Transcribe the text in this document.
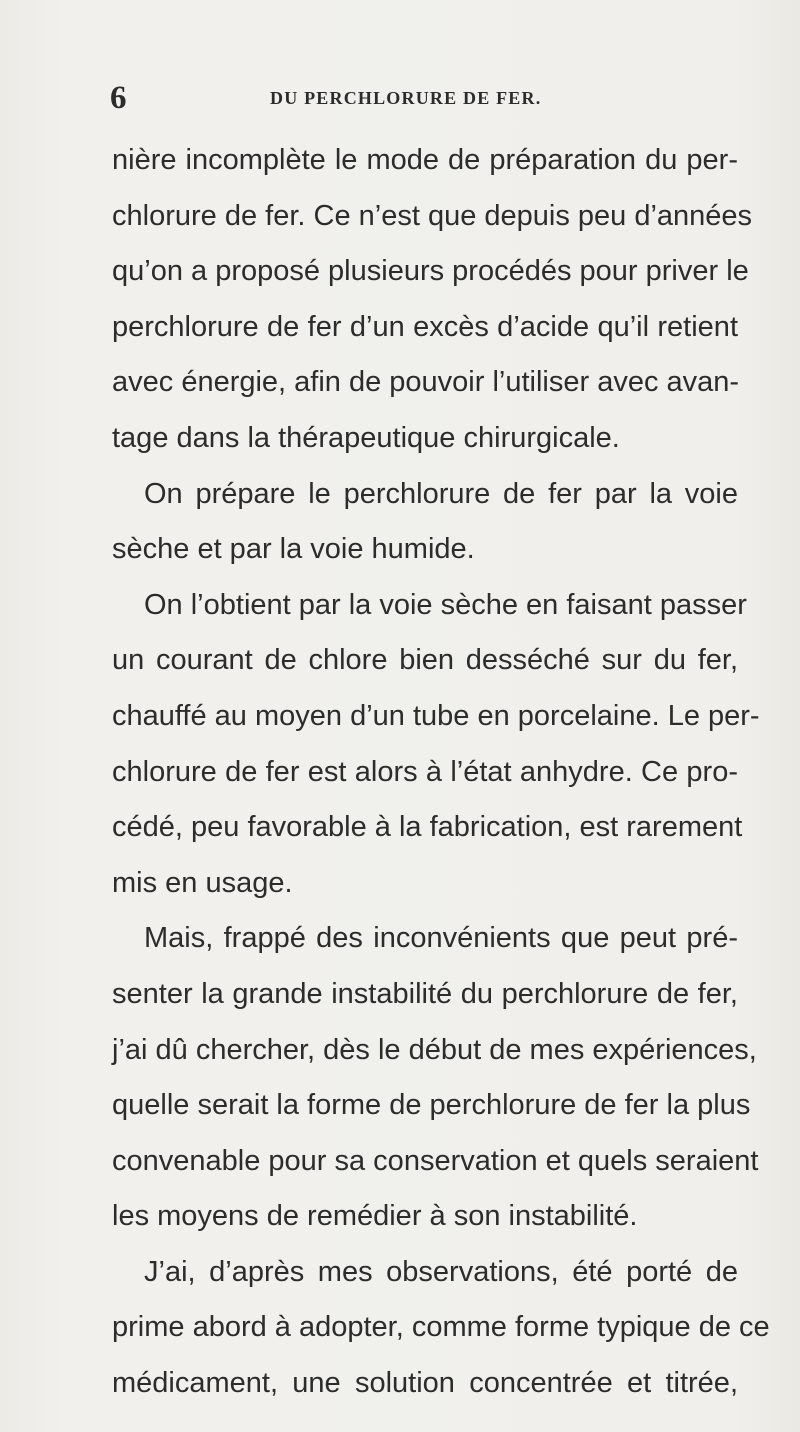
6	DU PERCHLORURE DE FER.
nière incomplète le mode de préparation du per-
chlorure de fer. Ce n’est que depuis peu d’années
qu’on a proposé plusieurs procédés pour priver le
perchlorure de fer d’un excès d’acide qu’il retient
avec énergie, afin de pouvoir l’utiliser avec avan-
tage dans la thérapeutique chirurgicale.
On prépare le perchlorure de fer par la voie
sèche et par la voie humide.
On l’obtient par la voie sèche en faisant passer
un courant de chlore bien desséché sur du fer,
chauffé au moyen d’un tube en porcelaine. Le per-
chlorure de fer est alors à l’état anhydre. Ce pro-
cédé, peu favorable à la fabrication, est rarement
mis en usage.
Mais, frappé des inconvénients que peut pré-
senter la grande instabilité du perchlorure de fer,
j’ai dû chercher, dès le début de mes expériences,
quelle serait la forme de perchlorure de fer la plus
convenable pour sa conservation et quels seraient
les moyens de remédier à son instabilité.
J’ai, d’après mes observations, été porté de
prime abord à adopter, comme forme typique de ce
médicament, une solution concentrée et titrée,
